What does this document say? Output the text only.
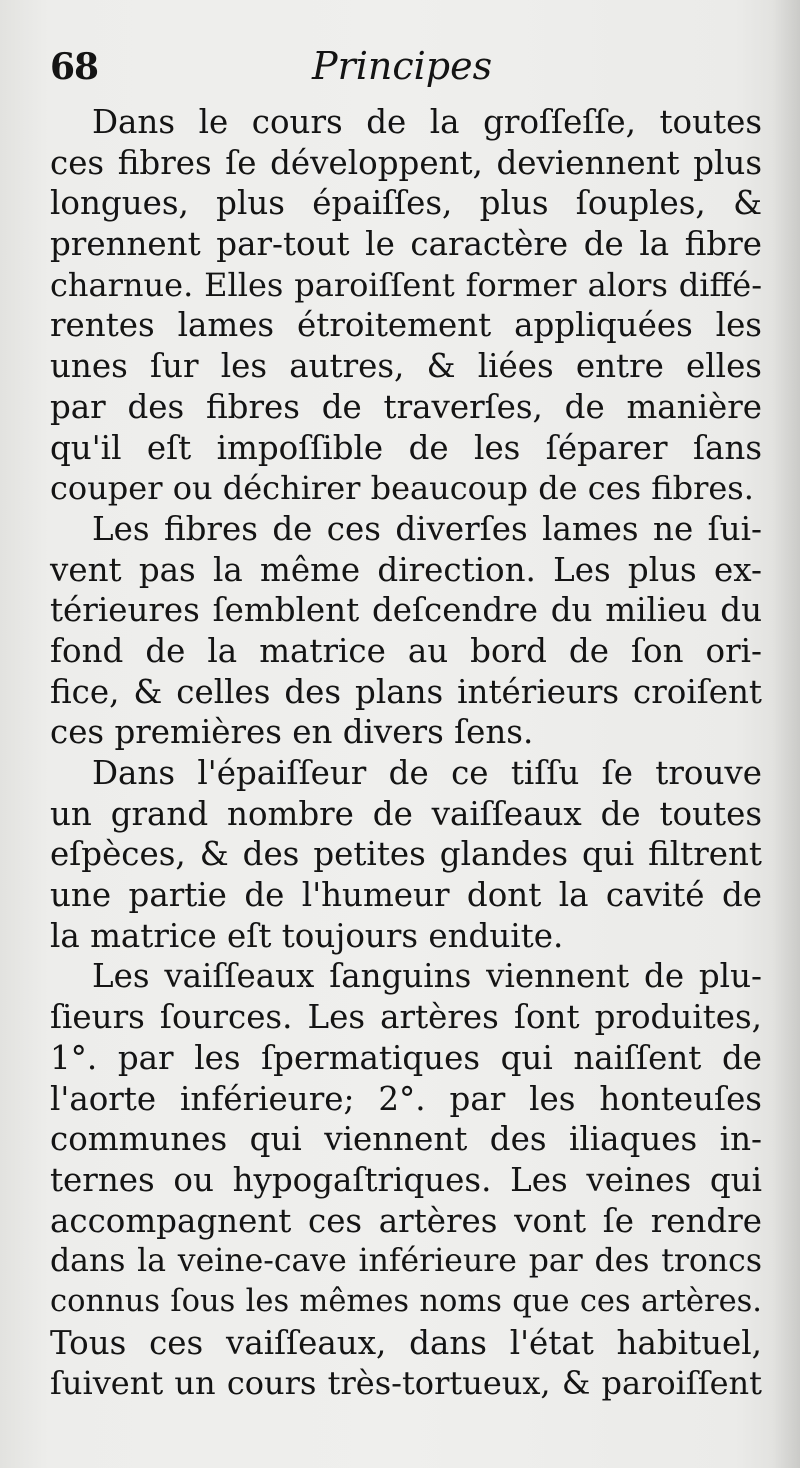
68	Principes
Dans le cours de la groſſeſſe, toutes
ces fibres ſe développent, deviennent plus
longues, plus épaiſſes, plus ſouples, &
prennent par-tout le caractère de la fibre
charnue. Elles paroiſſent former alors diffé-
rentes lames étroitement appliquées les
unes ſur les autres, & liées entre elles
par des fibres de traverſes, de manière
qu'il eſt impoſſible de les ſéparer ſans
couper ou déchirer beaucoup de ces fibres.
Les fibres de ces diverſes lames ne ſui-
vent pas la même direction. Les plus ex-
térieures ſemblent deſcendre du milieu du
fond de la matrice au bord de ſon ori-
fice, & celles des plans intérieurs croiſent
ces premières en divers ſens.
Dans l'épaiſſeur de ce tiſſu ſe trouve
un grand nombre de vaiſſeaux de toutes
eſpèces, & des petites glandes qui filtrent
une partie de l'humeur dont la cavité de
la matrice eſt toujours enduite.
Les vaiſſeaux ſanguins viennent de plu-
ſieurs ſources. Les artères ſont produites,
1°. par les ſpermatiques qui naiſſent de
l'aorte inférieure; 2°. par les honteuſes
communes qui viennent des iliaques in-
ternes ou hypogaſtriques. Les veines qui
accompagnent ces artères vont ſe rendre
dans la veine-cave inférieure par des troncs
connus ſous les mêmes noms que ces artères.
Tous ces vaiſſeaux, dans l'état habituel,
ſuivent un cours très-tortueux, & paroiſſent
